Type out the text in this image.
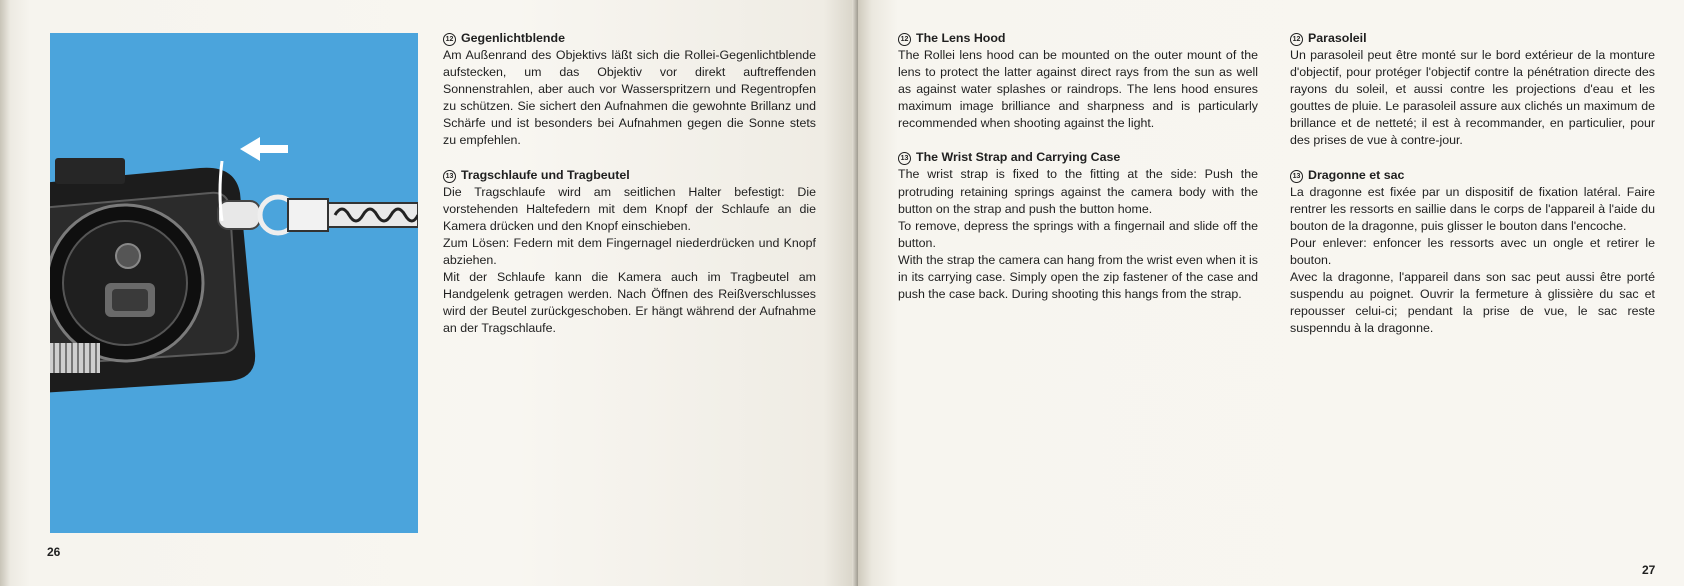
12 Gegenlichtblende

Am Außenrand des Objektivs läßt sich die Rollei-Gegenlichtblende aufstecken, um das Objektiv vor direkt auftreffenden Sonnenstrahlen, aber auch vor Wasserspritzern und Regentropfen zu schützen. Sie sichert den Aufnahmen die gewohnte Brillanz und Schärfe und ist besonders bei Aufnahmen gegen die Sonne stets zu empfehlen.

13 Tragschlaufe und Tragbeutel

Die Tragschlaufe wird am seitlichen Halter befestigt: Die vorstehenden Haltefedern mit dem Knopf der Schlaufe an die Kamera drücken und den Knopf einschieben.

Zum Lösen: Federn mit dem Fingernagel niederdrücken und Knopf abziehen.

Mit der Schlaufe kann die Kamera auch im Tragbeutel am Handgelenk getragen werden. Nach Öffnen des Reißverschlusses wird der Beutel zurückgeschoben. Er hängt während der Aufnahme an der Tragschlaufe.

26
12 The Lens Hood

The Rollei lens hood can be mounted on the outer mount of the lens to protect the latter against direct rays from the sun as well as against water splashes or raindrops. The lens hood ensures maximum image brilliance and sharpness and is particularly recommended when shooting against the light.

13 The Wrist Strap and Carrying Case

The wrist strap is fixed to the fitting at the side: Push the protruding retaining springs against the camera body with the button on the strap and push the button home.

To remove, depress the springs with a fingernail and slide off the button.

With the strap the camera can hang from the wrist even when it is in its carrying case. Simply open the zip fastener of the case and push the case back. During shooting this hangs from the strap.

12 Parasoleil

Un parasoleil peut être monté sur le bord extérieur de la monture d'objectif, pour protéger l'objectif contre la pénétration directe des rayons du soleil, et aussi contre les projections d'eau et les gouttes de pluie. Le parasoleil assure aux clichés un maximum de brillance et de netteté; il est à recommander, en particulier, pour des prises de vue à contre-jour.

13 Dragonne et sac

La dragonne est fixée par un dispositif de fixation latéral. Faire rentrer les ressorts en saillie dans le corps de l'appareil à l'aide du bouton de la dragonne, puis glisser le bouton dans l'encoche.

Pour enlever: enfoncer les ressorts avec un ongle et retirer le bouton.

Avec la dragonne, l'appareil dans son sac peut aussi être porté suspendu au poignet. Ouvrir la fermeture à glissière du sac et repousser celui-ci; pendant la prise de vue, le sac reste suspenndu à la dragonne.

27
